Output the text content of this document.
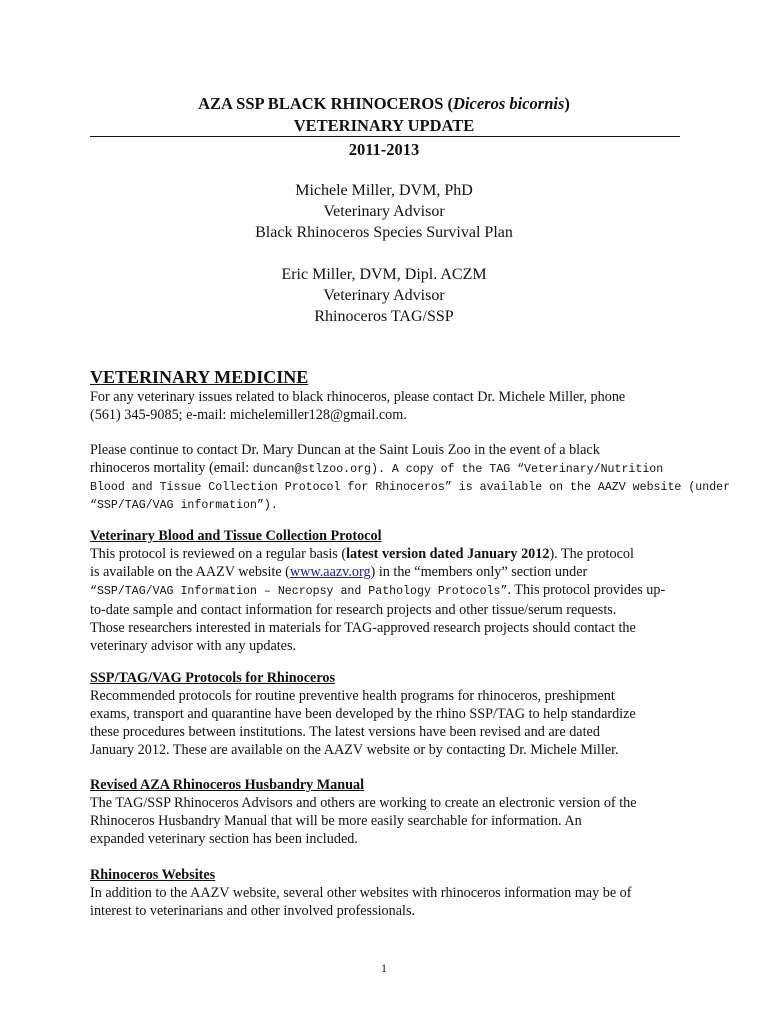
AZA SSP BLACK RHINOCEROS (Diceros bicornis)
VETERINARY UPDATE
2011-2013
Michele Miller, DVM, PhD
Veterinary Advisor
Black Rhinoceros Species Survival Plan
Eric Miller, DVM, Dipl. ACZM
Veterinary Advisor
Rhinoceros TAG/SSP
VETERINARY MEDICINE

For any veterinary issues related to black rhinoceros, please contact Dr. Michele Miller, phone
(561) 345-9085; e-mail: michelemiller128@gmail.com.

Please continue to contact Dr. Mary Duncan at the Saint Louis Zoo in the event of a black
rhinoceros mortality (email: duncan@stlzoo.org). A copy of the TAG “Veterinary/Nutrition
Blood and Tissue Collection Protocol for Rhinoceros” is available on the AAZV website (under
“SSP/TAG/VAG information”).

Veterinary Blood and Tissue Collection Protocol

This protocol is reviewed on a regular basis (latest version dated January 2012). The protocol
is available on the AAZV website (www.aazv.org) in the “members only” section under
“SSP/TAG/VAG Information – Necropsy and Pathology Protocols”. This protocol provides up-
to-date sample and contact information for research projects and other tissue/serum requests.
Those researchers interested in materials for TAG-approved research projects should contact the
veterinary advisor with any updates.

SSP/TAG/VAG Protocols for Rhinoceros

Recommended protocols for routine preventive health programs for rhinoceros, preshipment
exams, transport and quarantine have been developed by the rhino SSP/TAG to help standardize
these procedures between institutions. The latest versions have been revised and are dated
January 2012. These are available on the AAZV website or by contacting Dr. Michele Miller.

Revised AZA Rhinoceros Husbandry Manual

The TAG/SSP Rhinoceros Advisors and others are working to create an electronic version of the
Rhinoceros Husbandry Manual that will be more easily searchable for information. An
expanded veterinary section has been included.

Rhinoceros Websites

In addition to the AAZV website, several other websites with rhinoceros information may be of
interest to veterinarians and other involved professionals.

1
